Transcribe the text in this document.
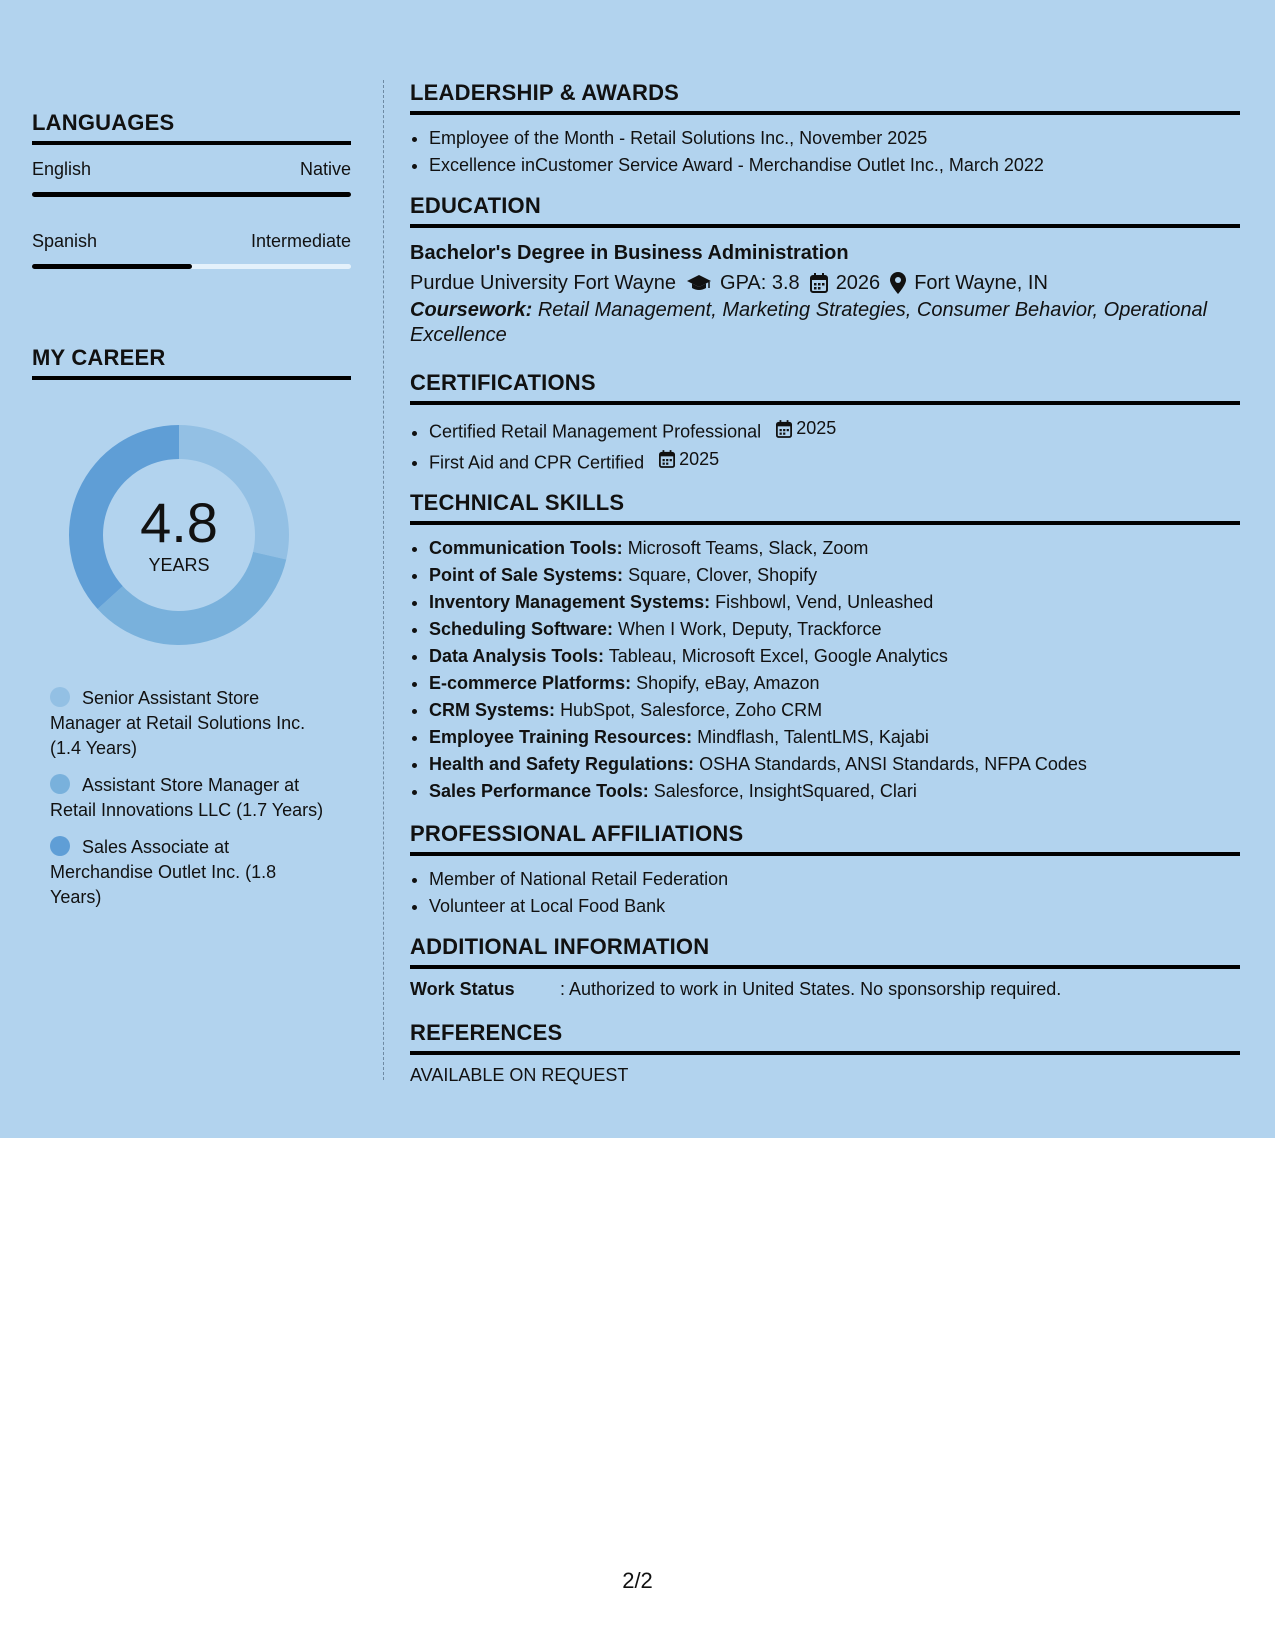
LANGUAGES
English	Native
Spanish	Intermediate
MY CAREER
4.8
YEARS
Senior Assistant Store Manager at Retail Solutions Inc. (1.4 Years)
Assistant Store Manager at Retail Innovations LLC (1.7 Years)
Sales Associate at Merchandise Outlet Inc. (1.8 Years)
LEADERSHIP & AWARDS
• Employee of the Month - Retail Solutions Inc., November 2025
• Excellence inCustomer Service Award - Merchandise Outlet Inc., March 2022
EDUCATION
Bachelor's Degree in Business Administration
Purdue University Fort Wayne GPA: 3.8 2026 Fort Wayne, IN
Coursework: Retail Management, Marketing Strategies, Consumer Behavior, Operational Excellence
CERTIFICATIONS
• Certified Retail Management Professional 2025
• First Aid and CPR Certified 2025
TECHNICAL SKILLS
• Communication Tools: Microsoft Teams, Slack, Zoom
• Point of Sale Systems: Square, Clover, Shopify
• Inventory Management Systems: Fishbowl, Vend, Unleashed
• Scheduling Software: When I Work, Deputy, Trackforce
• Data Analysis Tools: Tableau, Microsoft Excel, Google Analytics
• E-commerce Platforms: Shopify, eBay, Amazon
• CRM Systems: HubSpot, Salesforce, Zoho CRM
• Employee Training Resources: Mindflash, TalentLMS, Kajabi
• Health and Safety Regulations: OSHA Standards, ANSI Standards, NFPA Codes
• Sales Performance Tools: Salesforce, InsightSquared, Clari
PROFESSIONAL AFFILIATIONS
• Member of National Retail Federation
• Volunteer at Local Food Bank
ADDITIONAL INFORMATION
Work Status	: Authorized to work in United States. No sponsorship required.
REFERENCES
AVAILABLE ON REQUEST
2/2
